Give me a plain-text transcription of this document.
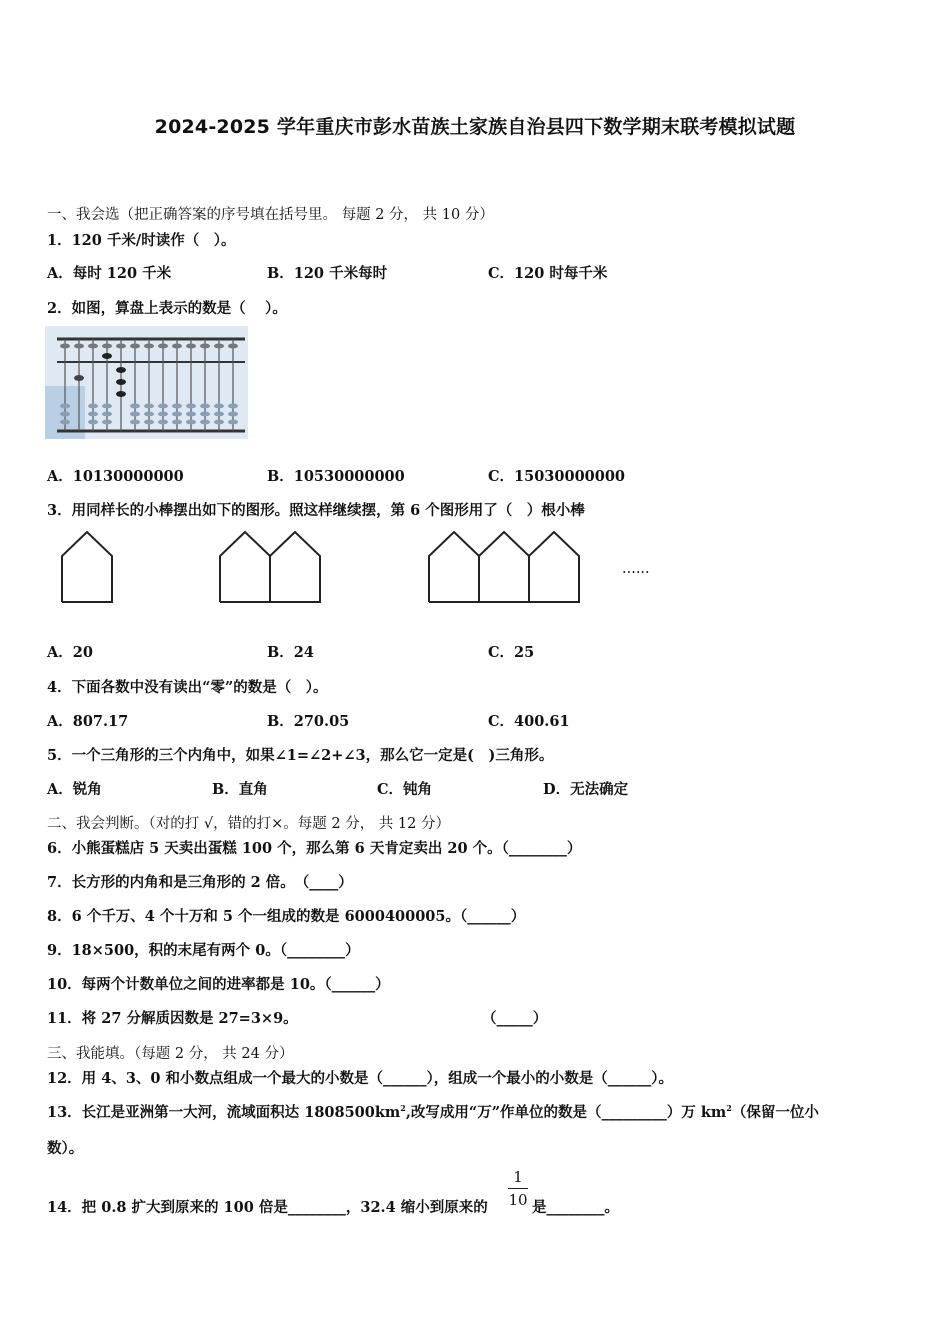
2024-2025 学年重庆市彭水苗族土家族自治县四下数学期末联考模拟试题
一、我会选（把正确答案的序号填在括号里。 每题 2 分， 共 10 分）
1．120 千米/时读作（　）。
A．每时 120 千米	B．120 千米每时	C．120 时每千米
2．如图，算盘上表示的数是（　 ）。
A．10130000000	B．10530000000	C．15030000000
3．用同样长的小棒摆出如下的图形。照这样继续摆，第 6 个图形用了（　）根小棒
······
A．20	B．24	C．25
4．下面各数中没有读出“零”的数是（　）。
A．807.17	B．270.05	C．400.61
5．一个三角形的三个内角中，如果∠1=∠2+∠3，那么它一定是(　)三角形。
A．锐角	B．直角	C．钝角	D．无法确定
二、我会判断。（对的打 √，错的打×。每题 2 分， 共 12 分）
6．小熊蛋糕店 5 天卖出蛋糕 100 个，那么第 6 天肯定卖出 20 个。（________）
7．长方形的内角和是三角形的 2 倍。　（____）
8．6 个千万、4 个十万和 5 个一组成的数是 6000400005。（______）
9．18×500，积的末尾有两个 0。（________）
10．每两个计数单位之间的进率都是 10。（______）
11．将 27 分解质因数是 27=3×9。	（_____）
三、我能填。（每题 2 分， 共 24 分）
12．用 4、3、0 和小数点组成一个最大的小数是（______），组成一个最小的小数是（______）。
13．长江是亚洲第一大河，流域面积达 $1808500km^2$,改写成用“万”作单位的数是（_________）万 $km^2$（保留一位小
数）。
14．把 0.8 扩大到原来的 100 倍是________，32.4 缩小到原来的
1
10 是________。
